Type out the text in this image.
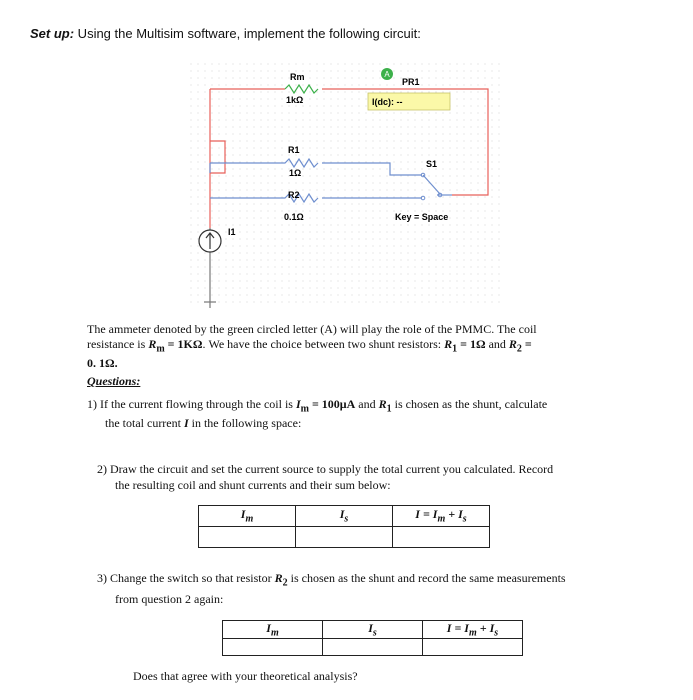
Set up: Using the Multisim software, implement the following circuit:
Rm
1kΩ
A
PR1
I(dc): --
R1
1Ω
R2
0.1Ω
S1
Key = Space
I1
The ammeter denoted by the green circled letter (A) will play the role of the PMMC. The coil
resistance is $R_m = 1K\Omega$. We have the choice between two shunt resistors: $R_1 = 1\Omega$ and $R_2$ =
0. 1Ω.
Questions:
1) If the current flowing through the coil is $I_m = 100\mu A$ and $R_1$ is chosen as the shunt, calculate
the total current I in the following space:
2) Draw the circuit and set the current source to supply the total current you calculated. Record
the resulting coil and shunt currents and their sum below:
$I_m$	$I_s$	$I = I_m + I_s$

3) Change the switch so that resistor $R_2$ is chosen as the shunt and record the same measurements
from question 2 again:
$I_m$	$I_s$	$I = I_m + I_s$

Does that agree with your theoretical analysis?
